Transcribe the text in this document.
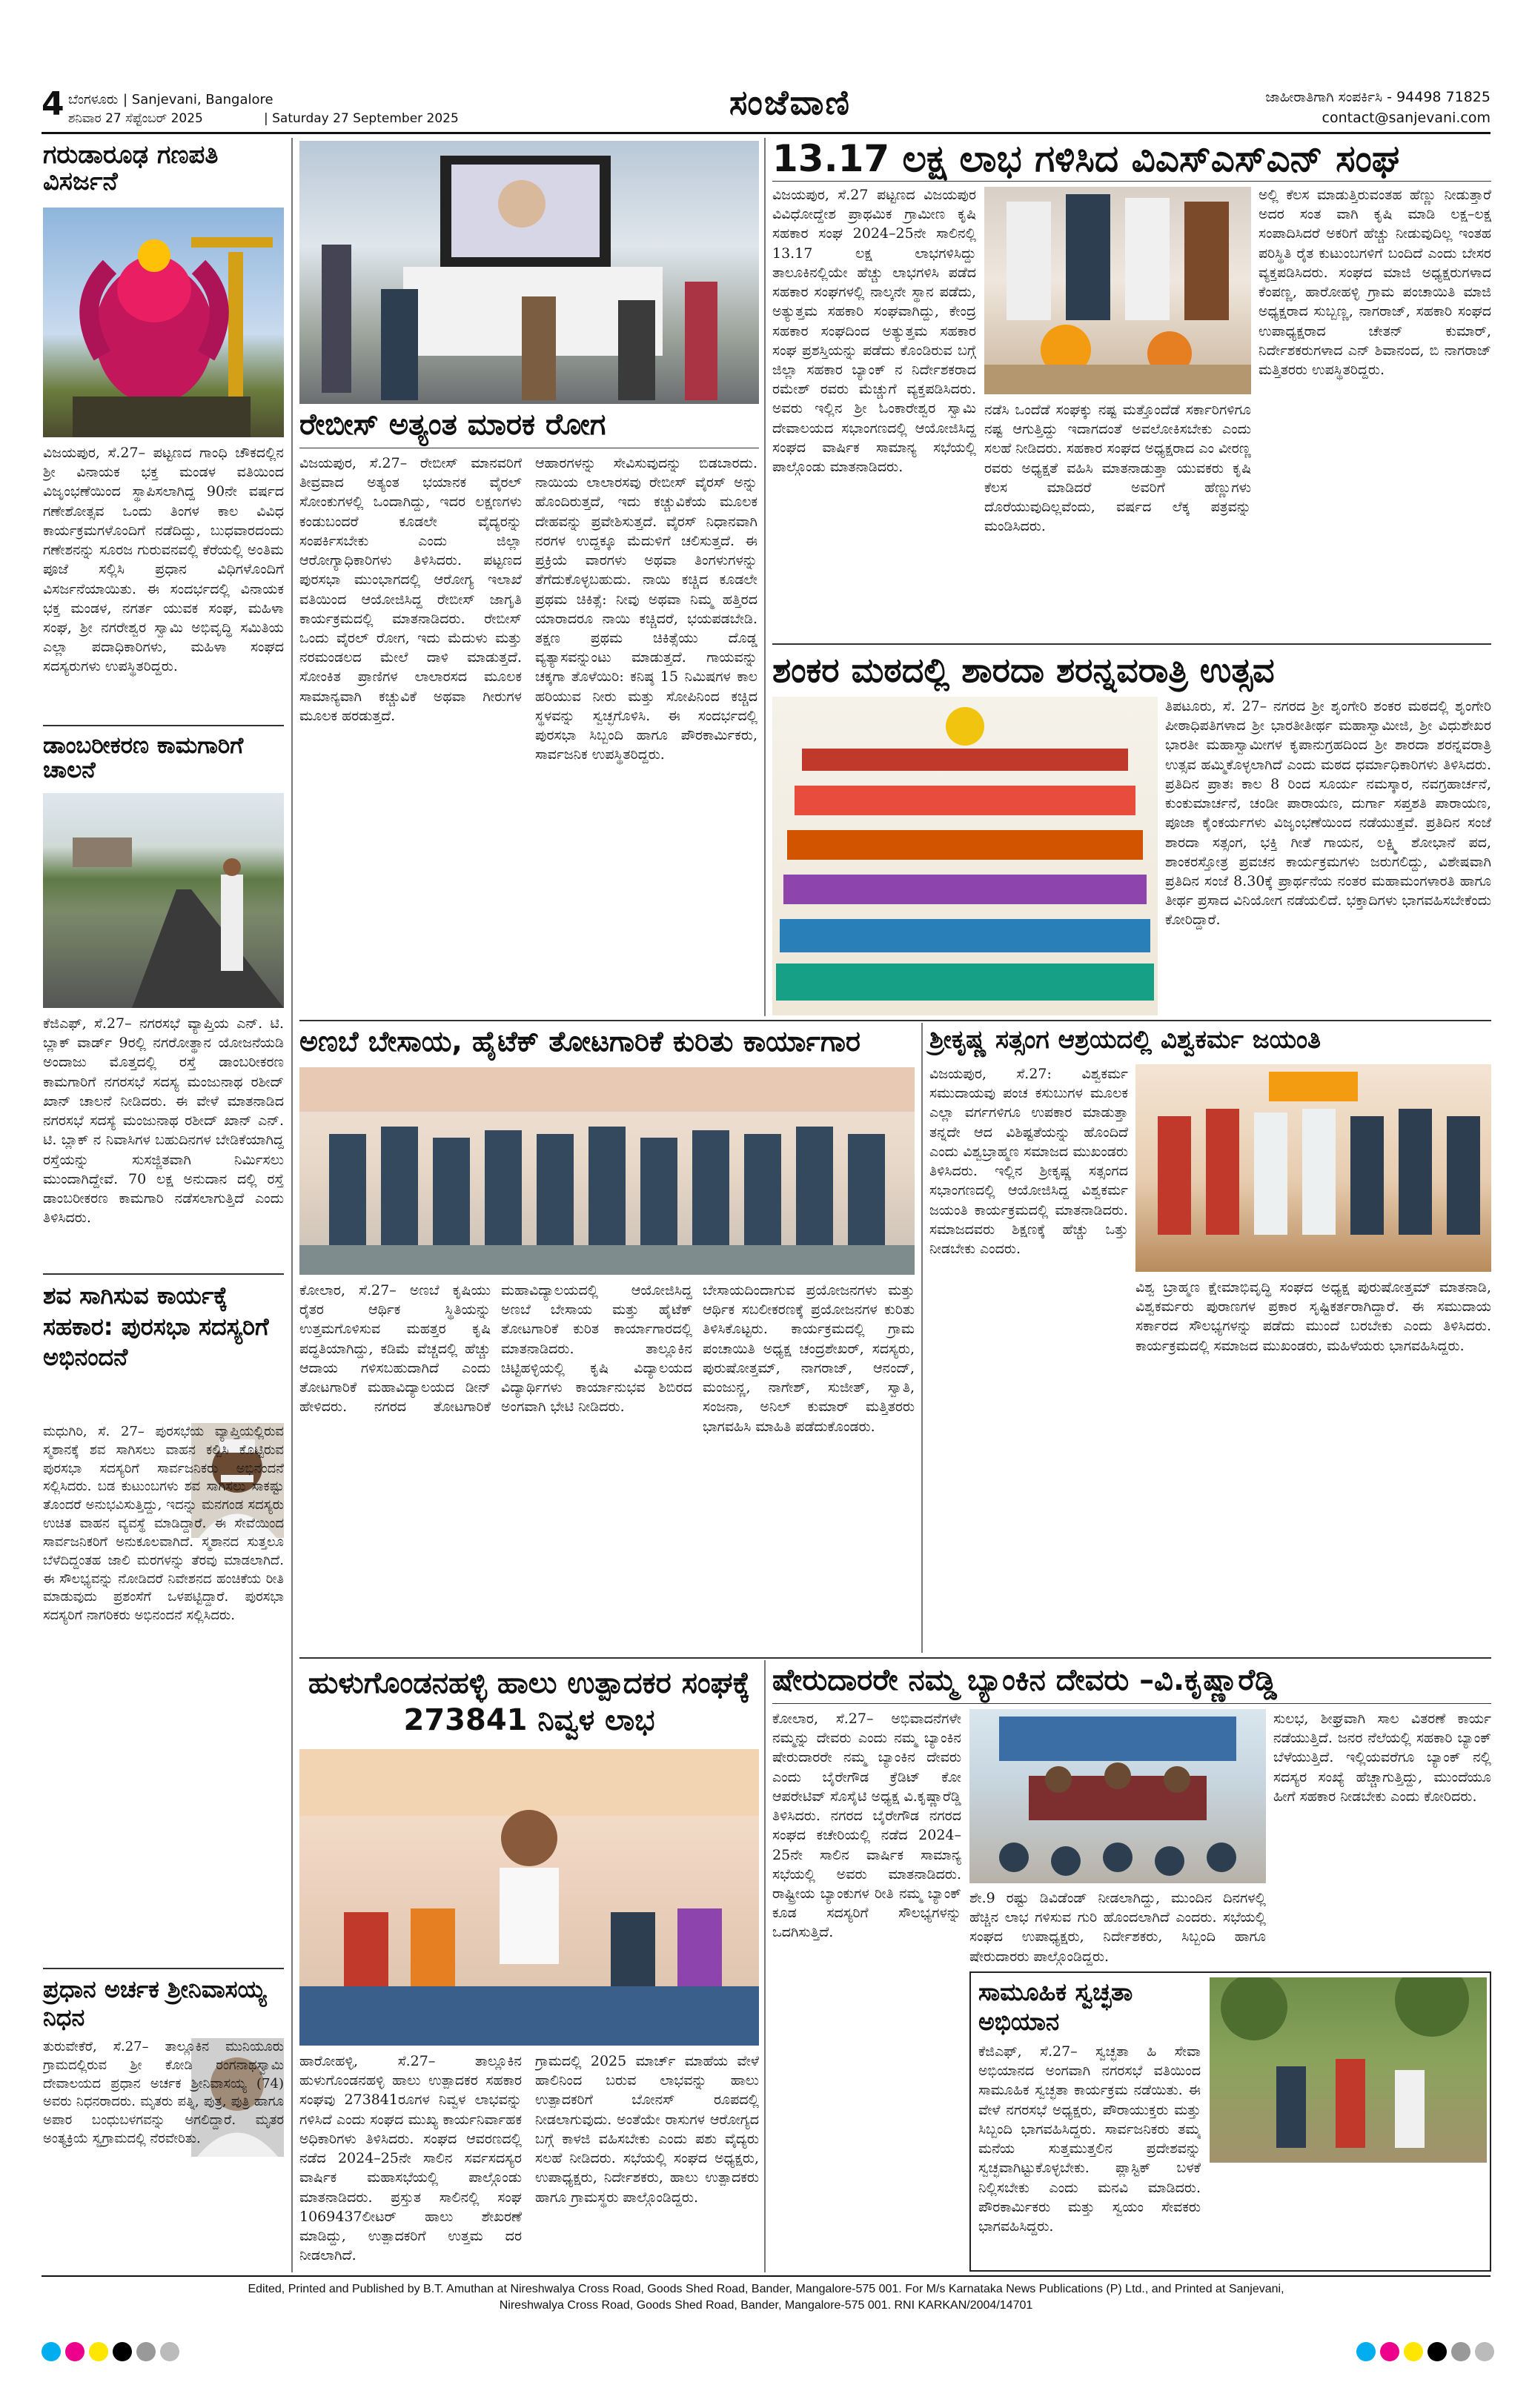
4 ಬೆಂಗಳೂರು | Sanjevani, Bangalore
ಶನಿವಾರ 27 ಸೆಪ್ಟೆಂಬರ್ 2025	| Saturday 27 September 2025	ಸಂಜೆವಾಣಿ	ಜಾಹೀರಾತಿಗಾಗಿ ಸಂಪರ್ಕಿಸಿ - 94498 71825
contact@sanjevani.com
ಗರುಡಾರೂಢ ಗಣಪತಿ ವಿಸರ್ಜನೆ
ವಿಜಯಪುರ, ಸೆ.27– ಪಟ್ಟಣದ ಗಾಂಧಿ ಚೌಕದಲ್ಲಿನ ಶ್ರೀ ವಿನಾಯಕ ಭಕ್ತ ಮಂಡಳ ವತಿಯಿಂದ ವಿಜೃಂಭಣೆಯಿಂದ ಸ್ಥಾಪಿಸಲಾಗಿದ್ದ 90ನೇ ವರ್ಷದ ಗಣೇಶೋತ್ಸವ ಒಂದು ತಿಂಗಳ ಕಾಲ ವಿವಿಧ ಕಾರ್ಯಕ್ರಮಗಳೊಂದಿಗೆ ನಡೆದಿದ್ದು, ಬುಧವಾರದಂದು ಗಣೇಶನನ್ನು ಸೂರಜ ಗುರುವನವಲ್ಲಿ ಕೆರೆಯಲ್ಲಿ ಅಂತಿಮ ಪೂಜೆ ಸಲ್ಲಿಸಿ ಪ್ರಧಾನ ವಿಧಿಗಳೊಂದಿಗೆ ವಿಸರ್ಜನೆಯಾಯಿತು. ಈ ಸಂದರ್ಭದಲ್ಲಿ ವಿನಾಯಕ ಭಕ್ತ ಮಂಡಳ, ನಗರ್ತ ಯುವಕ ಸಂಘ, ಮಹಿಳಾ ಸಂಘ, ಶ್ರೀ ನಗರೇಶ್ವರ ಸ್ವಾಮಿ ಅಭಿವೃದ್ಧಿ ಸಮಿತಿಯ ಎಲ್ಲಾ ಪದಾಧಿಕಾರಿಗಳು, ಮಹಿಳಾ ಸಂಘದ ಸದಸ್ಯರುಗಳು ಉಪಸ್ಥಿತರಿದ್ದರು.
ಡಾಂಬರೀಕರಣ ಕಾಮಗಾರಿಗೆ ಚಾಲನೆ
ಕೆಜಿಎಫ್, ಸೆ.27– ನಗರಸಭೆ ವ್ಯಾಪ್ತಿಯ ಎನ್. ಟಿ. ಬ್ಲಾಕ್ ವಾರ್ಡ್ 9ರಲ್ಲಿ ನಗರೋತ್ಥಾನ ಯೋಜನೆಯಡಿ ಅಂದಾಜು ಮೊತ್ತದಲ್ಲಿ ರಸ್ತೆ ಡಾಂಬರೀಕರಣ ಕಾಮಗಾರಿಗೆ ನಗರಸಭೆ ಸದಸ್ಯ ಮಂಜುನಾಥ ರಶೀದ್ ಖಾನ್ ಚಾಲನೆ ನೀಡಿದರು. ಈ ವೇಳೆ ಮಾತನಾಡಿದ ನಗರಸಭೆ ಸದಸ್ಯೆ ಮಂಜುನಾಥ ರಶೀದ್ ಖಾನ್ ಎನ್. ಟಿ. ಬ್ಲಾಕ್ ನ ನಿವಾಸಿಗಳ ಬಹುದಿನಗಳ ಬೇಡಿಕೆಯಾಗಿದ್ದ ರಸ್ತೆಯನ್ನು ಸುಸಜ್ಜಿತವಾಗಿ ನಿರ್ಮಿಸಲು ಮುಂದಾಗಿದ್ದೇವೆ. 70 ಲಕ್ಷ ಅನುದಾನ ದಲ್ಲಿ ರಸ್ತೆ ಡಾಂಬರೀಕರಣ ಕಾಮಗಾರಿ ನಡೆಸಲಾಗುತ್ತಿದೆ ಎಂದು ತಿಳಿಸಿದರು.
ಶವ ಸಾಗಿಸುವ ಕಾರ್ಯಕ್ಕೆ ಸಹಕಾರ: ಪುರಸಭಾ ಸದಸ್ಯರಿಗೆ ಅಭಿನಂದನೆ
ಮಧುಗಿರಿ, ಸೆ. 27– ಪುರಸಭೆಯ ವ್ಯಾಪ್ತಿಯಲ್ಲಿರುವ ಸ್ಮಶಾನಕ್ಕೆ ಶವ ಸಾಗಿಸಲು ವಾಹನ ಕಲ್ಪಿಸಿ ಕೊಟ್ಟಿರುವ ಪುರಸಭಾ ಸದಸ್ಯರಿಗೆ ಸಾರ್ವಜನಿಕರು ಅಭಿನಂದನೆ ಸಲ್ಲಿಸಿದರು. ಬಡ ಕುಟುಂಬಗಳು ಶವ ಸಾಗಿಸಲು ಸಾಕಷ್ಟು ತೊಂದರೆ ಅನುಭವಿಸುತ್ತಿದ್ದು, ಇದನ್ನು ಮನಗಂಡ ಸದಸ್ಯರು ಉಚಿತ ವಾಹನ ವ್ಯವಸ್ಥೆ ಮಾಡಿದ್ದಾರೆ. ಈ ಸೇವೆಯಿಂದ ಸಾರ್ವಜನಿಕರಿಗೆ ಅನುಕೂಲವಾಗಿದೆ. ಸ್ಮಶಾನದ ಸುತ್ತಲೂ ಬೆಳೆದಿದ್ದಂತಹ ಜಾಲಿ ಮರಗಳನ್ನು ತೆರವು ಮಾಡಲಾಗಿದೆ. ಈ ಸೌಲಭ್ಯವನ್ನು ನೋಡಿದರೆ ನಿವೇಶನದ ಹಂಚಿಕೆಯ ರೀತಿ ಮಾಡುವುದು ಪ್ರಶಂಸೆಗೆ ಒಳಪಟ್ಟಿದ್ದಾರೆ. ಪುರಸಭಾ ಸದಸ್ಯರಿಗೆ ನಾಗರಿಕರು ಅಭಿನಂದನೆ ಸಲ್ಲಿಸಿದರು.
ಪ್ರಧಾನ ಅರ್ಚಕ ಶ್ರೀನಿವಾಸಯ್ಯ ನಿಧನ
ತುರುವೇಕೆರೆ, ಸೆ.27– ತಾಲ್ಲೂಕಿನ ಮುನಿಯೂರು ಗ್ರಾಮದಲ್ಲಿರುವ ಶ್ರೀ ಕೋಡಿ ರಂಗನಾಥಸ್ವಾಮಿ ದೇವಾಲಯದ ಪ್ರಧಾನ ಅರ್ಚಕ ಶ್ರೀನಿವಾಸಯ್ಯ (74) ಅವರು ನಿಧನರಾದರು. ಮೃತರು ಪತ್ನಿ, ಪುತ್ರ, ಪುತ್ರಿ ಹಾಗೂ ಅಪಾರ ಬಂಧುಬಳಗವನ್ನು ಅಗಲಿದ್ದಾರೆ. ಮೃತರ ಅಂತ್ಯಕ್ರಿಯೆ ಸ್ವಗ್ರಾಮದಲ್ಲಿ ನೆರವೇರಿತು.
ರೇಬೀಸ್ ಅತ್ಯಂತ ಮಾರಕ ರೋಗ
ವಿಜಯಪುರ, ಸೆ.27– ರೇಬೀಸ್ ಮಾನವರಿಗೆ ತೀವ್ರವಾದ ಅತ್ಯಂತ ಭಯಾನಕ ವೈರಲ್ ಸೋಂಕುಗಳಲ್ಲಿ ಒಂದಾಗಿದ್ದು, ಇದರ ಲಕ್ಷಣಗಳು ಕಂಡುಬಂದರೆ ಕೂಡಲೇ ವೈದ್ಯರನ್ನು ಸಂಪರ್ಕಿಸಬೇಕು ಎಂದು ಜಿಲ್ಲಾ ಆರೋಗ್ಯಾಧಿಕಾರಿಗಳು ತಿಳಿಸಿದರು. ಪಟ್ಟಣದ ಪುರಸಭಾ ಮುಂಭಾಗದಲ್ಲಿ ಆರೋಗ್ಯ ಇಲಾಖೆ ವತಿಯಿಂದ ಆಯೋಜಿಸಿದ್ದ ರೇಬೀಸ್ ಜಾಗೃತಿ ಕಾರ್ಯಕ್ರಮದಲ್ಲಿ ಮಾತನಾಡಿದರು. ರೇಬೀಸ್ ಒಂದು ವೈರಲ್ ರೋಗ, ಇದು ಮೆದುಳು ಮತ್ತು ನರಮಂಡಲದ ಮೇಲೆ ದಾಳಿ ಮಾಡುತ್ತದೆ. ಸೋಂಕಿತ ಪ್ರಾಣಿಗಳ ಲಾಲಾರಸದ ಮೂಲಕ ಸಾಮಾನ್ಯವಾಗಿ ಕಚ್ಚುವಿಕೆ ಅಥವಾ ಗೀರುಗಳ ಮೂಲಕ ಹರಡುತ್ತದೆ.
ಆಹಾರಗಳನ್ನು ಸೇವಿಸುವುದನ್ನು ಬಿಡಬಾರದು. ನಾಯಿಯ ಲಾಲಾರಸವು ರೇಬೀಸ್ ವೈರಸ್ ಅನ್ನು ಹೊಂದಿರುತ್ತದೆ, ಇದು ಕಚ್ಚುವಿಕೆಯ ಮೂಲಕ ದೇಹವನ್ನು ಪ್ರವೇಶಿಸುತ್ತದೆ. ವೈರಸ್ ನಿಧಾನವಾಗಿ ನರಗಳ ಉದ್ದಕ್ಕೂ ಮೆದುಳಿಗೆ ಚಲಿಸುತ್ತದೆ. ಈ ಪ್ರಕ್ರಿಯೆ ವಾರಗಳು ಅಥವಾ ತಿಂಗಳುಗಳನ್ನು ತೆಗೆದುಕೊಳ್ಳಬಹುದು. ನಾಯಿ ಕಚ್ಚಿದ ಕೂಡಲೇ ಪ್ರಥಮ ಚಿಕಿತ್ಸೆ: ನೀವು ಅಥವಾ ನಿಮ್ಮ ಹತ್ತಿರದ ಯಾರಾದರೂ ನಾಯಿ ಕಚ್ಚಿದರೆ, ಭಯಪಡಬೇಡಿ. ತಕ್ಷಣ ಪ್ರಥಮ ಚಿಕಿತ್ಸೆಯು ದೊಡ್ಡ ವ್ಯತ್ಯಾಸವನ್ನುಂಟು ಮಾಡುತ್ತದೆ. ಗಾಯವನ್ನು ಚಕ್ಕಗಾ ತೊಳೆಯಿರಿ: ಕನಿಷ್ಠ 15 ನಿಮಿಷಗಳ ಕಾಲ ಹರಿಯುವ ನೀರು ಮತ್ತು ಸೋಪಿನಿಂದ ಕಚ್ಚಿದ ಸ್ಥಳವನ್ನು ಸ್ವಚ್ಛಗೊಳಿಸಿ. ಈ ಸಂದರ್ಭದಲ್ಲಿ ಪುರಸಭಾ ಸಿಬ್ಬಂದಿ ಹಾಗೂ ಪೌರಕಾರ್ಮಿಕರು, ಸಾರ್ವಜನಿಕ ಉಪಸ್ಥಿತರಿದ್ದರು.
13.17 ಲಕ್ಷ ಲಾಭ ಗಳಿಸಿದ ವಿಎಸ್ಎಸ್ಎನ್ ಸಂಘ
ವಿಜಯಪುರ, ಸೆ.27 ಪಟ್ಟಣದ ವಿಜಯಪುರ ವಿವಿಧೋದ್ದೇಶ ಪ್ರಾಥಮಿಕ ಗ್ರಾಮೀಣ ಕೃಷಿ ಸಹಕಾರ ಸಂಘ 2024–25ನೇ ಸಾಲಿನಲ್ಲಿ 13.17 ಲಕ್ಷ ಲಾಭಗಳಿಸಿದ್ದು ತಾಲೂಕಿನಲ್ಲಿಯೇ ಹೆಚ್ಚು ಲಾಭಗಳಿಸಿ ಪಡೆದ ಸಹಕಾರ ಸಂಘಗಳಲ್ಲಿ ನಾಲ್ಕನೇ ಸ್ಥಾನ ಪಡೆದು, ಅತ್ಯುತ್ತಮ ಸಹಕಾರಿ ಸಂಘವಾಗಿದ್ದು, ಕೇಂದ್ರ ಸಹಕಾರ ಸಂಘದಿಂದ ಅತ್ಯುತ್ತಮ ಸಹಕಾರ ಸಂಘ ಪ್ರಶಸ್ತಿಯನ್ನು ಪಡೆದು ಕೊಂಡಿರುವ ಬಗ್ಗೆ ಜಿಲ್ಲಾ ಸಹಕಾರ ಬ್ಯಾಂಕ್ ನ ನಿರ್ದೇಶಕರಾದ ರಮೇಶ್ ರವರು ಮೆಚ್ಚುಗೆ ವ್ಯಕ್ತಪಡಿಸಿದರು. ಅವರು ಇಲ್ಲಿನ ಶ್ರೀ ಓಂಕಾರೇಶ್ವರ ಸ್ವಾಮಿ ದೇವಾಲಯದ ಸಭಾಂಗಣದಲ್ಲಿ ಆಯೋಜಿಸಿದ್ದ ಸಂಘದ ವಾರ್ಷಿಕ ಸಾಮಾನ್ಯ ಸಭೆಯಲ್ಲಿ ಪಾಲ್ಗೊಂಡು ಮಾತನಾಡಿದರು.
ಅಲ್ಲಿ ಕೆಲಸ ಮಾಡುತ್ತಿರುವಂತಹ ಹೆಣ್ಣು ನೀಡುತ್ತಾರೆ ಅದರ ಸಂತ ವಾಗಿ ಕೃಷಿ ಮಾಡಿ ಲಕ್ಷ–ಲಕ್ಷ ಸಂಪಾದಿಸಿದರೆ ಅಕರಿಗೆ ಹೆಚ್ಚು ನೀಡುವುದಿಲ್ಲ ಇಂತಹ ಪರಿಸ್ಥಿತಿ ರೈತ ಕುಟುಂಬಗಳಿಗೆ ಬಂದಿದೆ ಎಂದು ಬೇಸರ ವ್ಯಕ್ತಪಡಿಸಿದರು. ಸಂಘದ ಮಾಜಿ ಅಧ್ಯಕ್ಷರುಗಳಾದ ಕೆಂಪಣ್ಣ, ಹಾರೋಹಳ್ಳಿ ಗ್ರಾಮ ಪಂಚಾಯಿತಿ ಮಾಜಿ ಅಧ್ಯಕ್ಷರಾದ ಸುಬ್ಬಣ್ಣ, ನಾಗರಾಜ್, ಸಹಕಾರಿ ಸಂಘದ ಉಪಾಧ್ಯಕ್ಷರಾದ ಚೇತನ್ ಕುಮಾರ್, ನಿರ್ದೇಶಕರುಗಳಾದ ಎನ್ ಶಿವಾನಂದ, ಬಿ ನಾಗರಾಜ್ ಮತ್ತಿತರರು ಉಪಸ್ಥಿತರಿದ್ದರು.
ನಡೆಸಿ ಒಂದೆಡೆ ಸಂಘಕ್ಕು ನಷ್ಟ ಮತ್ತೊಂದೆಡೆ ಸರ್ಕಾರಿಗಳಿಗೂ ನಷ್ಟ ಆಗುತ್ತಿದ್ದು ಇದಾಗದಂತೆ ಅವಲೋಕಿಸಬೇಕು ಎಂದು ಸಲಹೆ ನೀಡಿದರು. ಸಹಕಾರ ಸಂಘದ ಅಧ್ಯಕ್ಷರಾದ ಎಂ ವೀರಣ್ಣ ರವರು ಅಧ್ಯಕ್ಷತೆ ವಹಿಸಿ ಮಾತನಾಡುತ್ತಾ ಯುವಕರು ಕೃಷಿ ಕೆಲಸ ಮಾಡಿದರೆ ಅವರಿಗೆ ಹೆಣ್ಣುಗಳು ದೊರೆಯುವುದಿಲ್ಲವೆಂದು, ವರ್ಷದ ಲೆಕ್ಕ ಪತ್ರವನ್ನು ಮಂಡಿಸಿದರು.
ಶಂಕರ ಮಠದಲ್ಲಿ ಶಾರದಾ ಶರನ್ನವರಾತ್ರಿ ಉತ್ಸವ
ತಿಪಟೂರು, ಸೆ. 27– ನಗರದ ಶ್ರೀ ಶೃಂಗೇರಿ ಶಂಕರ ಮಠದಲ್ಲಿ ಶೃಂಗೇರಿ ಪೀಠಾಧಿಪತಿಗಳಾದ ಶ್ರೀ ಭಾರತೀತೀರ್ಥ ಮಹಾಸ್ವಾಮೀಜಿ, ಶ್ರೀ ವಿಧುಶೇಖರ ಭಾರತೀ ಮಹಾಸ್ವಾಮೀಗಳ ಕೃಪಾನುಗ್ರಹದಿಂದ ಶ್ರೀ ಶಾರದಾ ಶರನ್ನವರಾತ್ರಿ ಉತ್ಸವ ಹಮ್ಮಿಕೊಳ್ಳಲಾಗಿದೆ ಎಂದು ಮಠದ ಧರ್ಮಾಧಿಕಾರಿಗಳು ತಿಳಿಸಿದರು. ಪ್ರತಿದಿನ ಪ್ರಾತಃ ಕಾಲ 8 ರಿಂದ ಸೂರ್ಯ ನಮಸ್ಕಾರ, ನವಗ್ರಹಾರ್ಚನೆ, ಕುಂಕುಮಾರ್ಚನೆ, ಚಂಡೀ ಪಾರಾಯಣ, ದುರ್ಗಾ ಸಪ್ತಶತಿ ಪಾರಾಯಣ, ಪೂಜಾ ಕೈಂಕರ್ಯಗಳು ವಿಜೃಂಭಣೆಯಿಂದ ನಡೆಯುತ್ತವೆ. ಪ್ರತಿದಿನ ಸಂಜೆ ಶಾರದಾ ಸತ್ಸಂಗ, ಭಕ್ತಿ ಗೀತೆ ಗಾಯನ, ಲಕ್ಷ್ಮಿ ಶೋಭಾನೆ ಪದ, ಶಾಂಕರಸ್ತೋತ್ರ ಪ್ರವಚನ ಕಾರ್ಯಕ್ರಮಗಳು ಜರುಗಲಿದ್ದು, ವಿಶೇಷವಾಗಿ ಪ್ರತಿದಿನ ಸಂಜೆ 8.30ಕ್ಕೆ ಪ್ರಾರ್ಥನೆಯ ನಂತರ ಮಹಾಮಂಗಳಾರತಿ ಹಾಗೂ ತೀರ್ಥ ಪ್ರಸಾದ ವಿನಿಯೋಗ ನಡೆಯಲಿದೆ. ಭಕ್ತಾದಿಗಳು ಭಾಗವಹಿಸಬೇಕೆಂದು ಕೋರಿದ್ದಾರೆ.
ಅಣಬೆ ಬೇಸಾಯ, ಹೈಟೆಕ್ ತೋಟಗಾರಿಕೆ ಕುರಿತು ಕಾರ್ಯಾಗಾರ
ಕೋಲಾರ, ಸೆ.27– ಅಣಬೆ ಕೃಷಿಯು ರೈತರ ಆರ್ಥಿಕ ಸ್ಥಿತಿಯನ್ನು ಉತ್ತಮಗೊಳಿಸುವ ಮಹತ್ತರ ಕೃಷಿ ಪದ್ಧತಿಯಾಗಿದ್ದು, ಕಡಿಮೆ ವೆಚ್ಚದಲ್ಲಿ ಹೆಚ್ಚು ಆದಾಯ ಗಳಿಸಬಹುದಾಗಿದೆ ಎಂದು ತೋಟಗಾರಿಕೆ ಮಹಾವಿದ್ಯಾಲಯದ ಡೀನ್ ಹೇಳಿದರು. ನಗರದ ತೋಟಗಾರಿಕೆ ಮಹಾವಿದ್ಯಾಲಯದಲ್ಲಿ ಆಯೋಜಿಸಿದ್ದ ಅಣಬೆ ಬೇಸಾಯ ಮತ್ತು ಹೈಟೆಕ್ ತೋಟಗಾರಿಕೆ ಕುರಿತ ಕಾರ್ಯಾಗಾರದಲ್ಲಿ ಮಾತನಾಡಿದರು. ತಾಲ್ಲೂಕಿನ ಚಿಟ್ಟಿಹಳ್ಳಿಯಲ್ಲಿ ಕೃಷಿ ವಿದ್ಯಾಲಯದ ವಿದ್ಯಾರ್ಥಿಗಳು ಕಾರ್ಯಾನುಭವ ಶಿಬಿರದ ಅಂಗವಾಗಿ ಭೇಟಿ ನೀಡಿದರು.
ಬೇಸಾಯದಿಂದಾಗುವ ಪ್ರಯೋಜನಗಳು ಮತ್ತು ಆರ್ಥಿಕ ಸಬಲೀಕರಣಕ್ಕೆ ಪ್ರಯೋಜನಗಳ ಕುರಿತು ತಿಳಿಸಿಕೊಟ್ಟರು. ಕಾರ್ಯಕ್ರಮದಲ್ಲಿ ಗ್ರಾಮ ಪಂಚಾಯಿತಿ ಅಧ್ಯಕ್ಷ ಚಂದ್ರಶೇಖರ್, ಸದಸ್ಯರು, ಪುರುಷೋತ್ತಮ್, ನಾಗರಾಜ್, ಆನಂದ್, ಮಂಜುನ್ಣ, ನಾಗೇಶ್, ಸುಜೀತ್, ಸ್ವಾತಿ, ಸಂಜನಾ, ಅನಿಲ್ ಕುಮಾರ್ ಮತ್ತಿತರರು ಭಾಗವಹಿಸಿ ಮಾಹಿತಿ ಪಡೆದುಕೊಂಡರು.
ಶ್ರೀಕೃಷ್ಣ ಸತ್ಸಂಗ ಆಶ್ರಯದಲ್ಲಿ ವಿಶ್ವಕರ್ಮ ಜಯಂತಿ
ವಿಜಯಪುರ, ಸೆ.27: ವಿಶ್ವಕರ್ಮ ಸಮುದಾಯವು ಪಂಚ ಕಸುಬುಗಳ ಮೂಲಕ ಎಲ್ಲಾ ವರ್ಗಗಳಿಗೂ ಉಪಕಾರ ಮಾಡುತ್ತಾ ತನ್ನದೇ ಆದ ವಿಶಿಷ್ಟತೆಯನ್ನು ಹೊಂದಿದೆ ಎಂದು ವಿಶ್ವಬ್ರಾಹ್ಮಣ ಸಮಾಜದ ಮುಖಂಡರು ತಿಳಿಸಿದರು. ಇಲ್ಲಿನ ಶ್ರೀಕೃಷ್ಣ ಸತ್ಸಂಗದ ಸಭಾಂಗಣದಲ್ಲಿ ಆಯೋಜಿಸಿದ್ದ ವಿಶ್ವಕರ್ಮ ಜಯಂತಿ ಕಾರ್ಯಕ್ರಮದಲ್ಲಿ ಮಾತನಾಡಿದರು. ಸಮಾಜದವರು ಶಿಕ್ಷಣಕ್ಕೆ ಹೆಚ್ಚು ಒತ್ತು ನೀಡಬೇಕು ಎಂದರು.
ವಿಶ್ವ ಬ್ರಾಹ್ಮಣ ಕ್ಷೇಮಾಭಿವೃದ್ಧಿ ಸಂಘದ ಅಧ್ಯಕ್ಷ ಪುರುಷೋತ್ತಮ್ ಮಾತನಾಡಿ, ವಿಶ್ವಕರ್ಮರು ಪುರಾಣಗಳ ಪ್ರಕಾರ ಸೃಷ್ಟಿಕರ್ತರಾಗಿದ್ದಾರೆ. ಈ ಸಮುದಾಯ ಸರ್ಕಾರದ ಸೌಲಭ್ಯಗಳನ್ನು ಪಡೆದು ಮುಂದೆ ಬರಬೇಕು ಎಂದು ತಿಳಿಸಿದರು. ಕಾರ್ಯಕ್ರಮದಲ್ಲಿ ಸಮಾಜದ ಮುಖಂಡರು, ಮಹಿಳೆಯರು ಭಾಗವಹಿಸಿದ್ದರು.
ಹುಳುಗೊಂಡನಹಳ್ಳಿ ಹಾಲು ಉತ್ಪಾದಕರ ಸಂಘಕ್ಕೆ 273841 ನಿವ್ವಳ ಲಾಭ
ಹಾರೋಹಳ್ಳಿ, ಸೆ.27– ತಾಲ್ಲೂಕಿನ ಹುಳುಗೊಂಡನಹಳ್ಳಿ ಹಾಲು ಉತ್ಪಾದಕರ ಸಹಕಾರ ಸಂಘವು 273841ರೂಗಳ ನಿವ್ವಳ ಲಾಭವನ್ನು ಗಳಿಸಿದೆ ಎಂದು ಸಂಘದ ಮುಖ್ಯ ಕಾರ್ಯನಿರ್ವಾಹಕ ಅಧಿಕಾರಿಗಳು ತಿಳಿಸಿದರು. ಸಂಘದ ಆವರಣದಲ್ಲಿ ನಡೆದ 2024–25ನೇ ಸಾಲಿನ ಸರ್ವಸದಸ್ಯರ ವಾರ್ಷಿಕ ಮಹಾಸಭೆಯಲ್ಲಿ ಪಾಲ್ಗೊಂಡು ಮಾತನಾಡಿದರು. ಪ್ರಸ್ತುತ ಸಾಲಿನಲ್ಲಿ ಸಂಘ 1069437ಲೀಟರ್ ಹಾಲು ಶೇಖರಣೆ ಮಾಡಿದ್ದು, ಉತ್ಪಾದಕರಿಗೆ ಉತ್ತಮ ದರ ನೀಡಲಾಗಿದೆ.
ಗ್ರಾಮದಲ್ಲಿ 2025 ಮಾರ್ಚ್ ಮಾಹೆಯ ವೇಳೆ ಹಾಲಿನಿಂದ ಬರುವ ಲಾಭವನ್ನು ಹಾಲು ಉತ್ಪಾದಕರಿಗೆ ಬೋನಸ್ ರೂಪದಲ್ಲಿ ನೀಡಲಾಗುವುದು. ಅಂತೆಯೇ ರಾಸುಗಳ ಆರೋಗ್ಯದ ಬಗ್ಗೆ ಕಾಳಜಿ ವಹಿಸಬೇಕು ಎಂದು ಪಶು ವೈದ್ಯರು ಸಲಹೆ ನೀಡಿದರು. ಸಭೆಯಲ್ಲಿ ಸಂಘದ ಅಧ್ಯಕ್ಷರು, ಉಪಾಧ್ಯಕ್ಷರು, ನಿರ್ದೇಶಕರು, ಹಾಲು ಉತ್ಪಾದಕರು ಹಾಗೂ ಗ್ರಾಮಸ್ಥರು ಪಾಲ್ಗೊಂಡಿದ್ದರು.
ಷೇರುದಾರರೇ ನಮ್ಮ ಬ್ಯಾಂಕಿನ ದೇವರು –ವಿ.ಕೃಷ್ಣಾರೆಡ್ಡಿ
ಕೋಲಾರ, ಸೆ.27– ಅಭಿವಾದನೆಗಳೇ ನಮ್ಮನ್ನು ದೇವರು ಎಂದು ನಮ್ಮ ಬ್ಯಾಂಕಿನ ಷೇರುದಾರರೇ ನಮ್ಮ ಬ್ಯಾಂಕಿನ ದೇವರು ಎಂದು ಬೈರೇಗೌಡ ಕ್ರೆಡಿಟ್ ಕೋ ಆಪರೇಟಿವ್ ಸೊಸೈಟಿ ಅಧ್ಯಕ್ಷ ವಿ.ಕೃಷ್ಣಾರೆಡ್ಡಿ ತಿಳಿಸಿದರು. ನಗರದ ಬೈರೇಗೌಡ ನಗರದ ಸಂಘದ ಕಚೇರಿಯಲ್ಲಿ ನಡೆದ 2024–25ನೇ ಸಾಲಿನ ವಾರ್ಷಿಕ ಸಾಮಾನ್ಯ ಸಭೆಯಲ್ಲಿ ಅವರು ಮಾತನಾಡಿದರು. ರಾಷ್ಟ್ರೀಯ ಬ್ಯಾಂಕುಗಳ ರೀತಿ ನಮ್ಮ ಬ್ಯಾಂಕ್ ಕೂಡ ಸದಸ್ಯರಿಗೆ ಸೌಲಭ್ಯಗಳನ್ನು ಒದಗಿಸುತ್ತಿದೆ.
ಶೇ.9 ರಷ್ಟು ಡಿವಿಡೆಂಡ್ ನೀಡಲಾಗಿದ್ದು, ಮುಂದಿನ ದಿನಗಳಲ್ಲಿ ಹೆಚ್ಚಿನ ಲಾಭ ಗಳಿಸುವ ಗುರಿ ಹೊಂದಲಾಗಿದೆ ಎಂದರು. ಸಭೆಯಲ್ಲಿ ಸಂಘದ ಉಪಾಧ್ಯಕ್ಷರು, ನಿರ್ದೇಶಕರು, ಸಿಬ್ಬಂದಿ ಹಾಗೂ ಷೇರುದಾರರು ಪಾಲ್ಗೊಂಡಿದ್ದರು.
ಸುಲಭ, ಶೀಘ್ರವಾಗಿ ಸಾಲ ವಿತರಣೆ ಕಾರ್ಯ ನಡೆಯುತ್ತಿದೆ. ಜನರ ನೆಲೆಯಲ್ಲಿ ಸಹಕಾರಿ ಬ್ಯಾಂಕ್ ಬೆಳೆಯುತ್ತಿದೆ. ಇಲ್ಲಿಯವರೆಗೂ ಬ್ಯಾಂಕ್ ನಲ್ಲಿ ಸದಸ್ಯರ ಸಂಖ್ಯೆ ಹೆಚ್ಚಾಗುತ್ತಿದ್ದು, ಮುಂದೆಯೂ ಹೀಗೆ ಸಹಕಾರ ನೀಡಬೇಕು ಎಂದು ಕೋರಿದರು.
ಸಾಮೂಹಿಕ ಸ್ವಚ್ಛತಾ ಅಭಿಯಾನ
ಕೆಜಿಎಫ್, ಸೆ.27– ಸ್ವಚ್ಛತಾ ಹಿ ಸೇವಾ ಅಭಿಯಾನದ ಅಂಗವಾಗಿ ನಗರಸಭೆ ವತಿಯಿಂದ ಸಾಮೂಹಿಕ ಸ್ವಚ್ಛತಾ ಕಾರ್ಯಕ್ರಮ ನಡೆಯಿತು. ಈ ವೇಳೆ ನಗರಸಭೆ ಅಧ್ಯಕ್ಷರು, ಪೌರಾಯುಕ್ತರು ಮತ್ತು ಸಿಬ್ಬಂದಿ ಭಾಗವಹಿಸಿದ್ದರು. ಸಾರ್ವಜನಿಕರು ತಮ್ಮ ಮನೆಯ ಸುತ್ತಮುತ್ತಲಿನ ಪ್ರದೇಶವನ್ನು ಸ್ವಚ್ಛವಾಗಿಟ್ಟುಕೊಳ್ಳಬೇಕು. ಪ್ಲಾಸ್ಟಿಕ್ ಬಳಕೆ ನಿಲ್ಲಿಸಬೇಕು ಎಂದು ಮನವಿ ಮಾಡಿದರು. ಪೌರಕಾರ್ಮಿಕರು ಮತ್ತು ಸ್ವಯಂ ಸೇವಕರು ಭಾಗವಹಿಸಿದ್ದರು.
Edited, Printed and Published by B.T. Amuthan at Nireshwalya Cross Road, Goods Shed Road, Bander, Mangalore-575 001. For M/s Karnataka News Publications (P) Ltd., and Printed at Sanjevani,
Nireshwalya Cross Road, Goods Shed Road, Bander, Mangalore-575 001. RNI KARKAN/2004/14701
